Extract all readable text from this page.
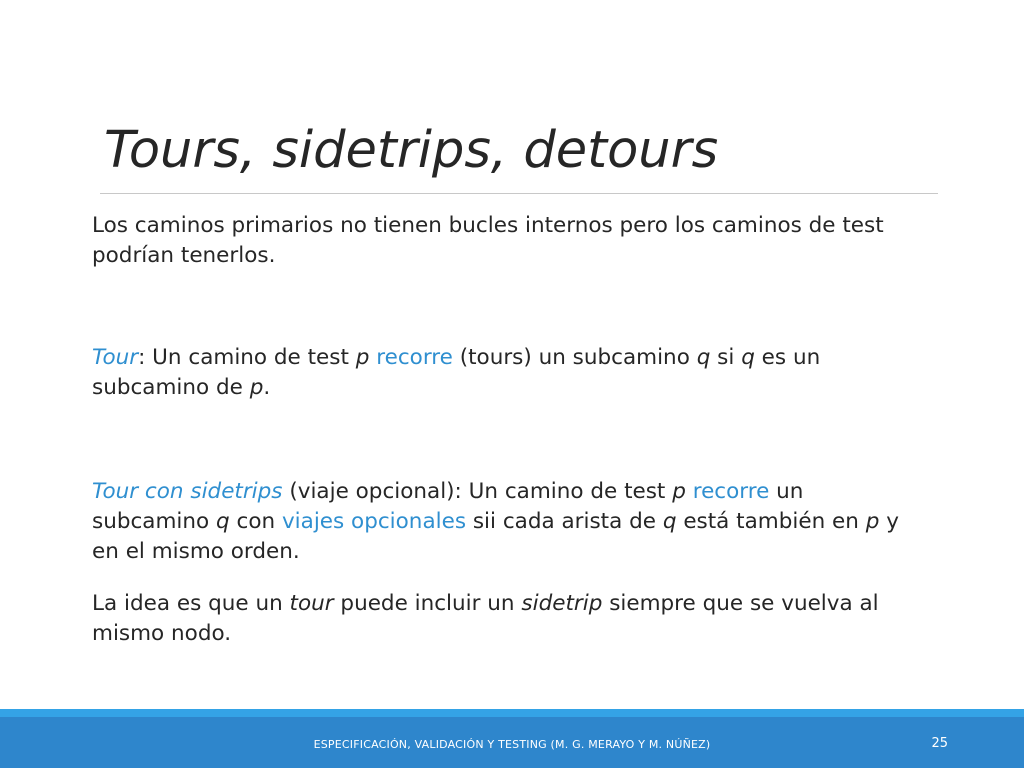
Tours, sidetrips, detours

Los caminos primarios no tienen bucles internos pero los caminos de test podrían tenerlos.

Tour: Un camino de test p recorre (tours) un subcamino q si q es un subcamino de p.

Tour con sidetrips (viaje opcional): Un camino de test p recorre un subcamino q con viajes opcionales sii cada arista de q está también en p y en el mismo orden.

La idea es que un tour puede incluir un sidetrip siempre que se vuelva al mismo nodo.

ESPECIFICACIÓN, VALIDACIÓN Y TESTING (M. G. MERAYO Y M. NÚÑEZ)	25
